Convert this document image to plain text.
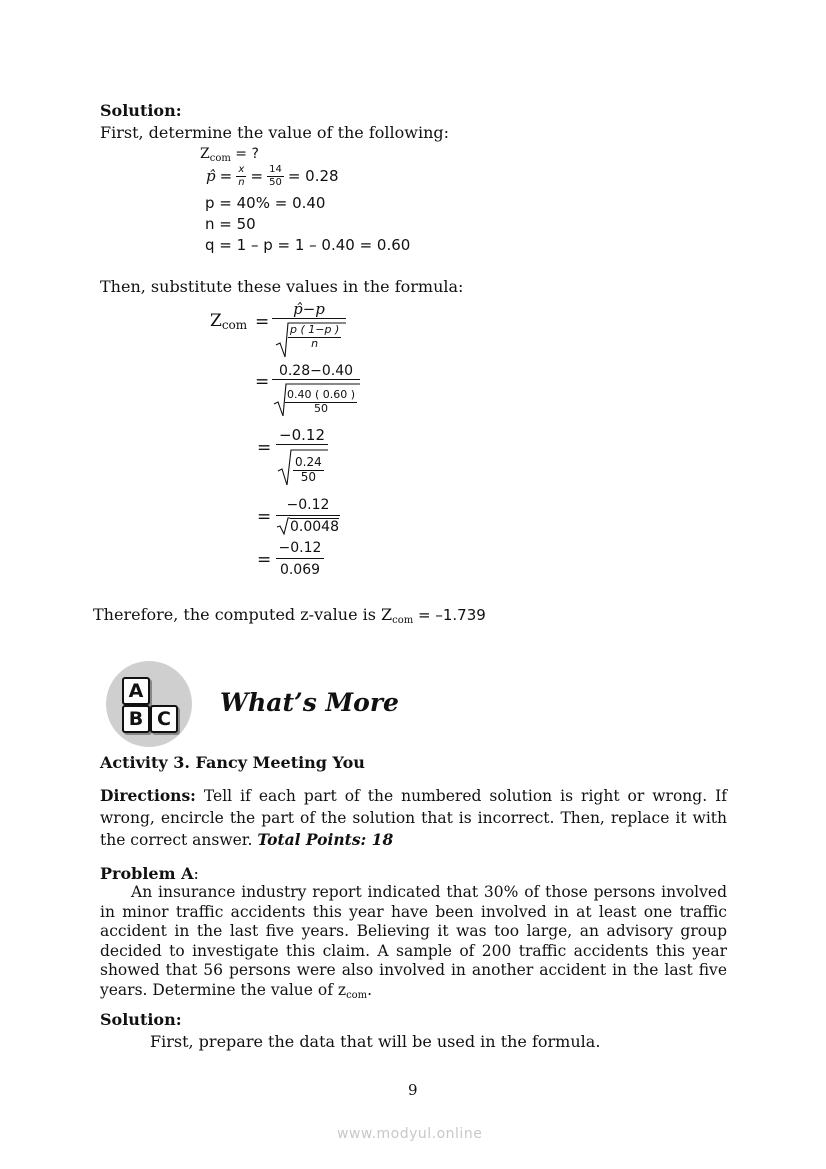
Solution:
First, determine the value of the following:
$Z_{com}$ = ?
p̂ = $\frac{x}{n} = \frac{14}{50} = 0.28$
p = 40% = 0.40
n = 50
q = 1 – p = 1 – 0.40 = 0.60
Then, substitute these values in the formula:
$Z_{com}$ =
p̂−p
$\frac{p ( 1-p )}{n}$
=
0.28−0.40
$\frac{0.40 ( 0.60 )}{50}$
=
−0.12
$\frac{0.24}{50}$
=
−0.12
0.0048
= $\frac{-0.12}{0.069}$
Therefore, the computed z-value is $Z_{com} = -1.739$
A
B C
What’s More
Activity 3. Fancy Meeting You
Directions: Tell if each part of the numbered solution is right or wrong. If wrong, encircle the part of the solution that is incorrect. Then, replace it with the correct answer. Total Points: 18
Problem A:
An insurance industry report indicated that 30% of those persons involved in minor traffic accidents this year have been involved in at least one traffic accident in the last five years. Believing it was too large, an advisory group decided to investigate this claim. A sample of 200 traffic accidents this year showed that 56 persons were also involved in another accident in the last five years. Determine the value of $z_{com}$.
Solution:
First, prepare the data that will be used in the formula.
9
www.modyul.online
